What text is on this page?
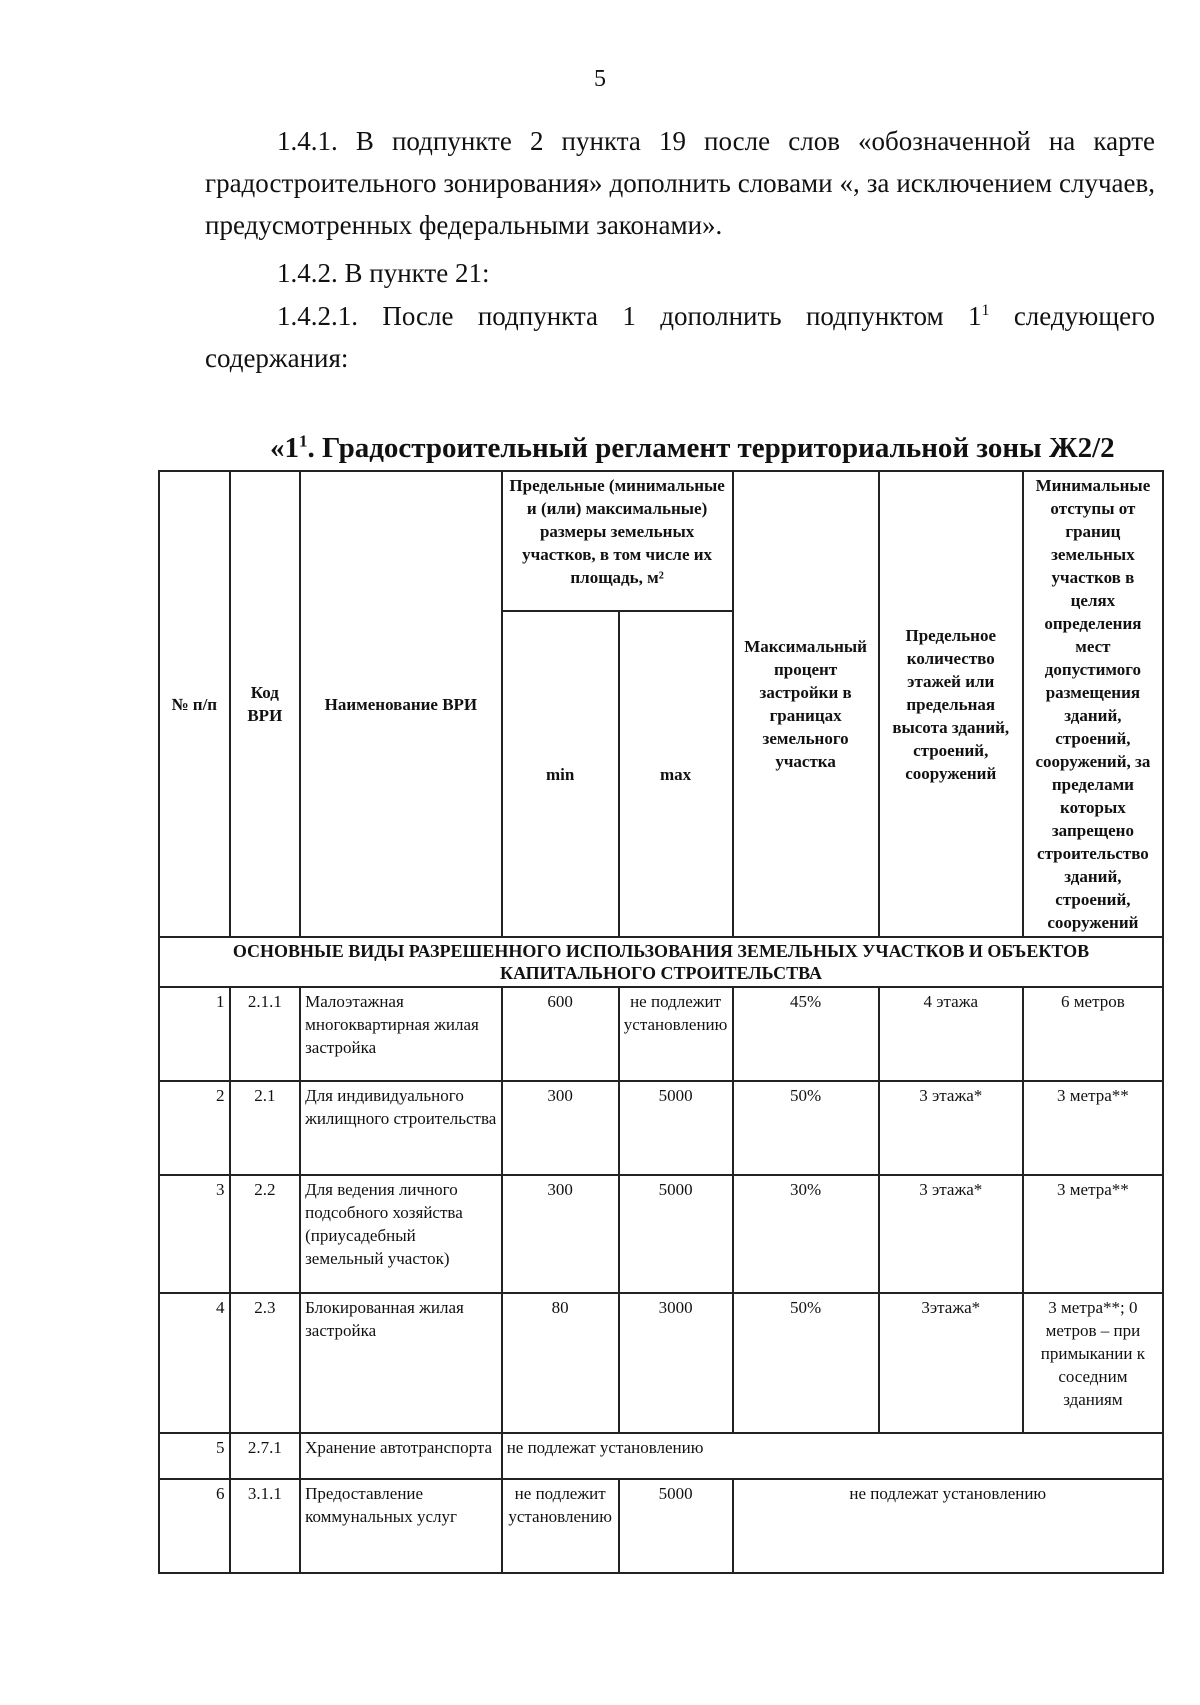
5
1.4.1. В подпункте 2 пункта 19 после слов «обозначенной на карте градостроительного зонирования» дополнить словами «, за исключением случаев, предусмотренных федеральными законами».
1.4.2. В пункте 21:
1.4.2.1. После подпункта 1 дополнить подпунктом $1^1$ следующего содержания:
«$1^1$. Градостроительный регламент территориальной зоны Ж2/2
№ п/п	Код ВРИ	Наименование ВРИ	Предельные (минимальные и (или) максимальные) размеры земельных участков, в том числе их площадь, м²		Максимальный процент застройки в границах земельного участка	Предельное количество этажей или предельная высота зданий, строений, сооружений	Минимальные отступы от границ земельных участков в целях определения мест допустимого размещения зданий, строений, сооружений, за пределами которых запрещено строительство зданий, строений, сооружений
			min	max			
ОСНОВНЫЕ ВИДЫ РАЗРЕШЕННОГО ИСПОЛЬЗОВАНИЯ ЗЕМЕЛЬНЫХ УЧАСТКОВ И ОБЪЕКТОВ КАПИТАЛЬНОГО СТРОИТЕЛЬСТВА							
1	2.1.1	Малоэтажная многоквартирная жилая застройка	600	не подлежит установлению	45%	4 этажа	6 метров
2	2.1	Для индивидуального жилищного строительства	300	5000	50%	3 этажа*	3 метра**
3	2.2	Для ведения личного подсобного хозяйства (приусадебный земельный участок)	300	5000	30%	3 этажа*	3 метра**
4	2.3	Блокированная жилая застройка	80	3000	50%	3этажа*	3 метра**; 0 метров – при примыкании к соседним зданиям
5	2.7.1	Хранение автотранспорта	не подлежат установлению				
6	3.1.1	Предоставление коммунальных услуг	не подлежит установлению	5000	не подлежат установлению		
